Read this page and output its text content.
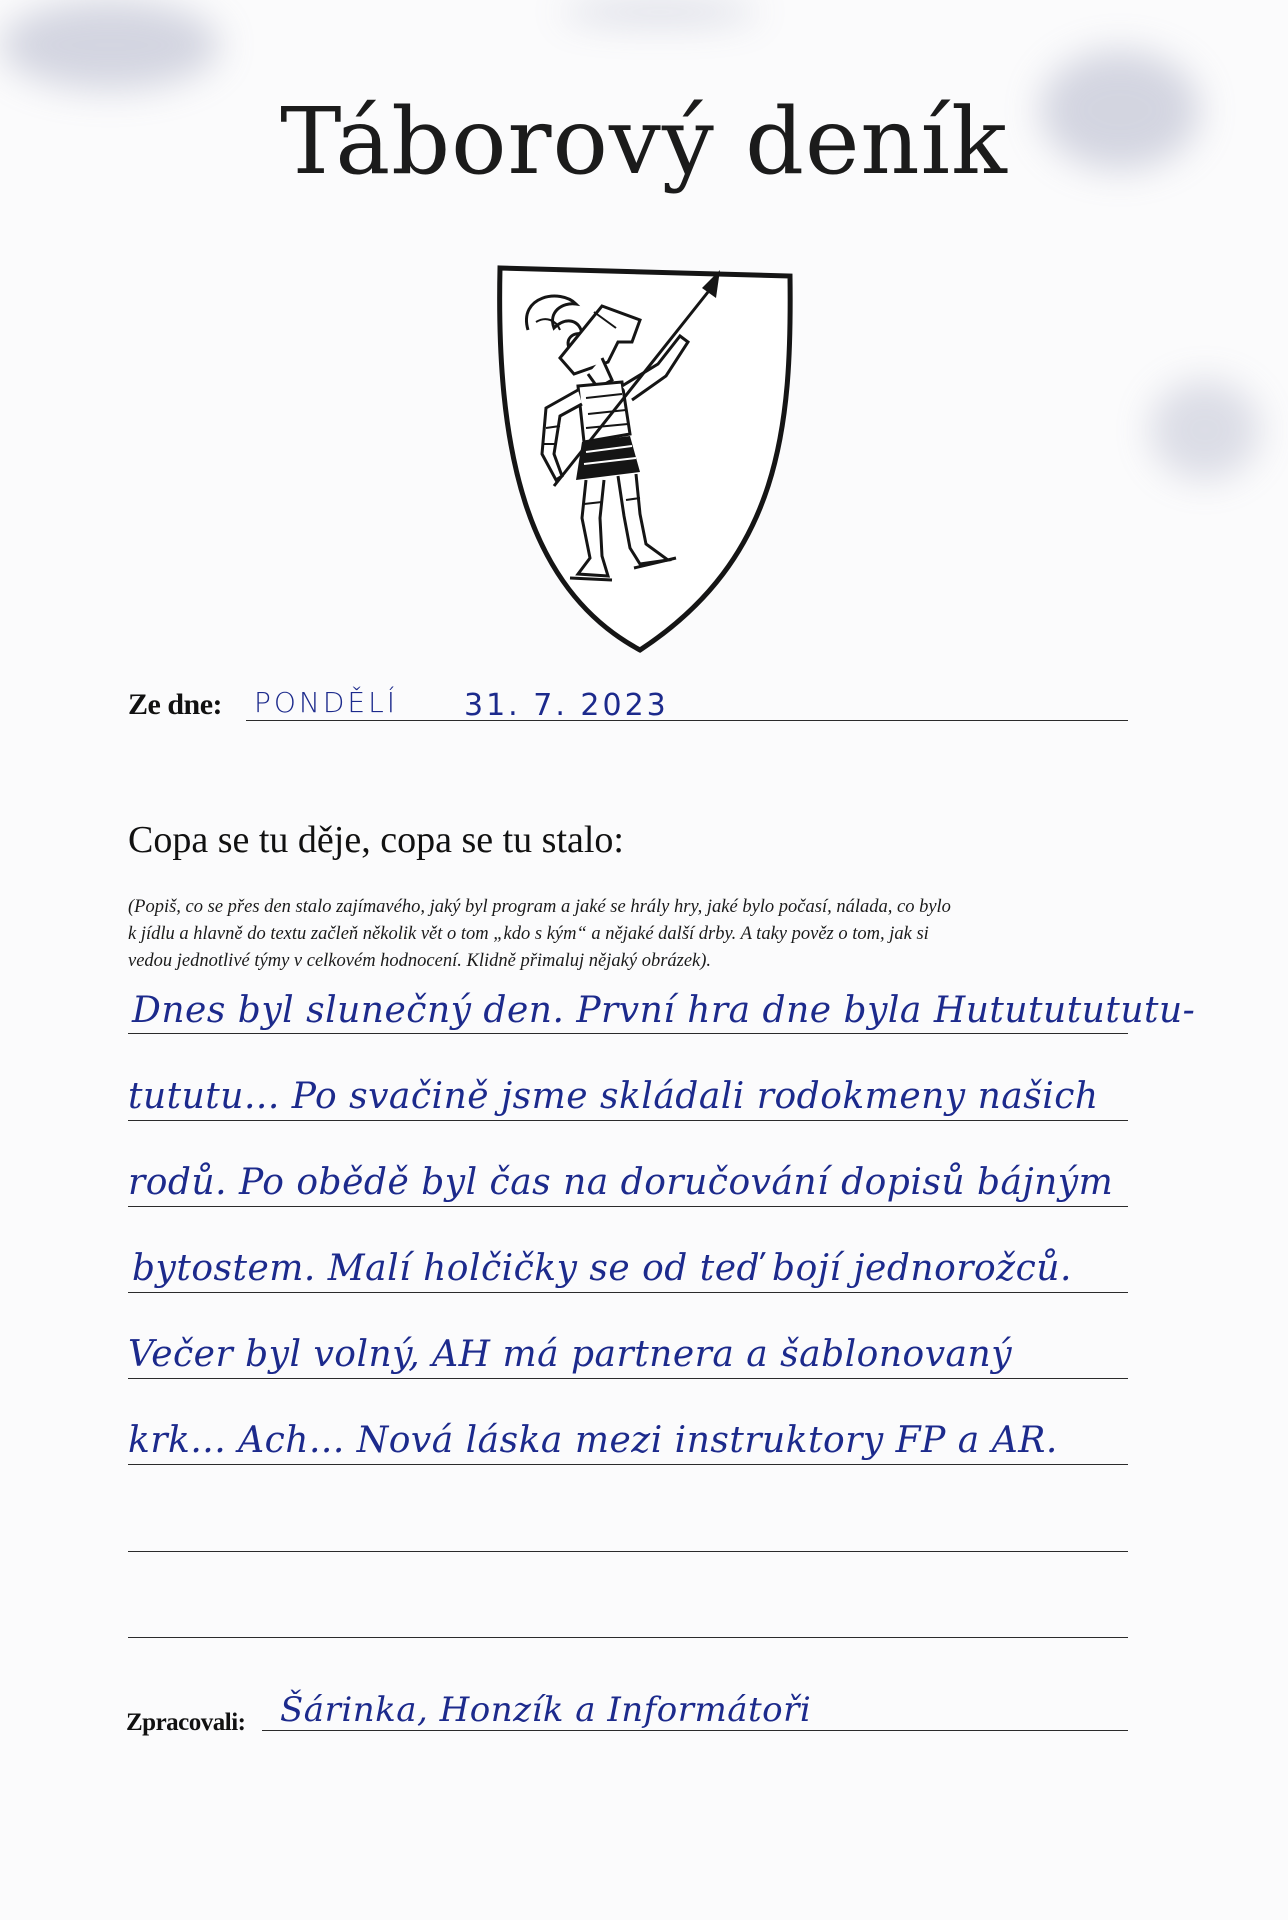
Táborový deník
Ze dne: PONDĚLÍ 31. 7. 2023
Copa se tu děje, copa se tu stalo:
(Popiš, co se přes den stalo zajímavého, jaký byl program a jaké se hrály hry, jaké bylo počasí, nálada, co bylo
k jídlu a hlavně do textu začleň několik vět o tom „kdo s kým“ a nějaké další drby. A taky pověz o tom, jak si
vedou jednotlivé týmy v celkovém hodnocení. Klidně přimaluj nějaký obrázek).
Dnes byl slunečný den. První hra dne byla Hutututututu-
tututu... Po svačině jsme skládali rodokmeny našich
rodů. Po obědě byl čas na doručování dopisů bájným
bytostem. Malí holčičky se od teď bojí jednorožců.
Večer byl volný, AH má partnera a šablonovaný
krk... Ach... Nová láska mezi instruktory FP a AR.
Zpracovali: Šárinka, Honzík a Informátoři
